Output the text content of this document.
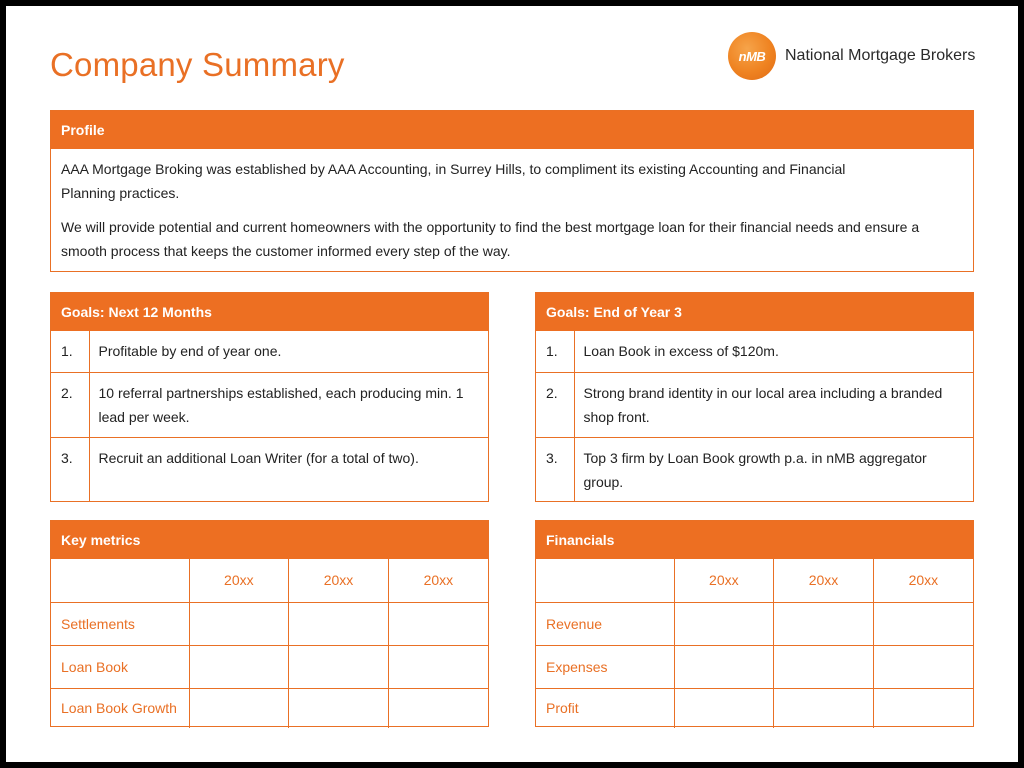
Company Summary	nMB	National Mortgage Brokers
Profile

AAA Mortgage Broking was established by AAA Accounting, in Surrey Hills, to compliment its existing Accounting and Financial Planning practices.

We will provide potential and current homeowners with the opportunity to find the best mortgage loan for their financial needs and ensure a smooth process that keeps the customer informed every step of the way.

Goals: Next 12 Months
1.	Profitable by end of year one.
2.	10 referral partnerships established, each producing min. 1 lead per week.
3.	Recruit an additional Loan Writer (for a total of two).
Goals: End of Year 3
1.	Loan Book in excess of $120m.
2.	Strong brand identity in our local area including a branded shop front.
3.	Top 3 firm by Loan Book growth p.a. in nMB aggregator group.
Key metrics
	20xx	20xx	20xx
Settlements			
Loan Book			
Loan Book Growth			
Financials
	20xx	20xx	20xx
Revenue			
Expenses			
Profit			
